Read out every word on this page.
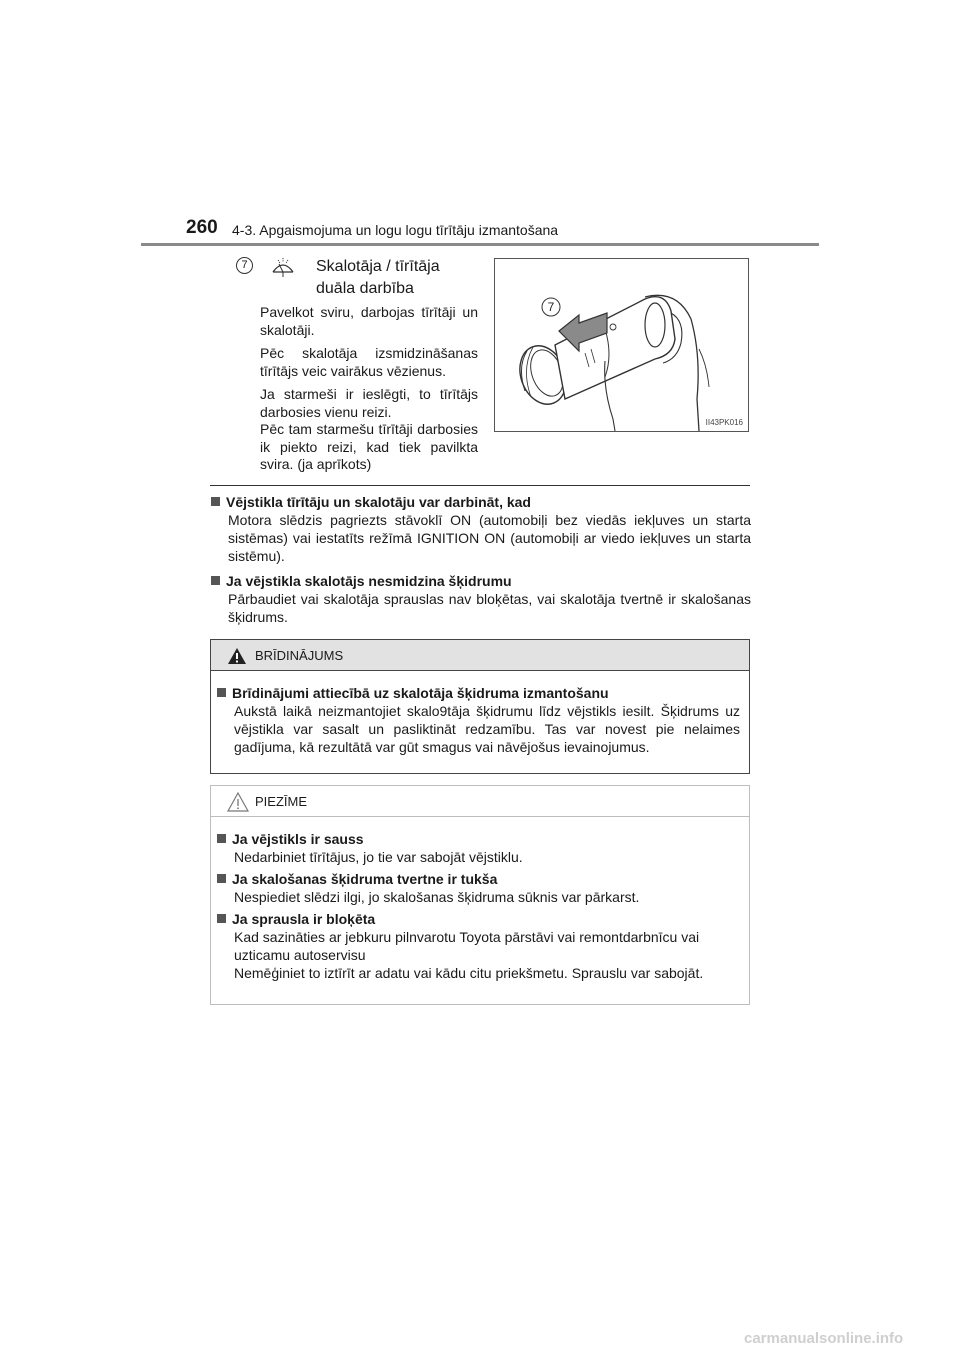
260 4-3. Apgaismojuma un logu logu tīrītāju izmantošana
7	Skalotāja / tīrītāja duāla darbība

Pavelkot sviru, darbojas tīrītāji un skalotāji.

Pēc skalotāja izsmidzināšanas tīrītājs veic vairākus vēzienus.

Ja starmeši ir ieslēgti, to tīrītājs darbosies vienu reizi.

Pēc tam starmešu tīrītāji darbosies ik piekto reizi, kad tiek pavilkta svira. (ja aprīkots)

7
II43PK016
Vējstikla tīrītāju un skalotāju var darbināt, kad
Motora slēdzis pagriezts stāvoklī ON (automobiļi bez viedās iekļuves un starta sistēmas) vai iestatīts režīmā IGNITION ON (automobiļi ar viedo iekļuves un starta sistēmu).
Ja vējstikla skalotājs nesmidzina šķidrumu
Pārbaudiet vai skalotāja sprauslas nav bloķētas, vai skalotāja tvertnē ir skalošanas šķidrums.
BRĪDINĀJUMS
Brīdinājumi attiecībā uz skalotāja šķidruma izmantošanu
Aukstā laikā neizmantojiet skalo9tāja šķidrumu līdz vējstikls iesilt. Šķidrums uz vējstikla var sasalt un pasliktināt redzamību. Tas var novest pie nelaimes gadījuma, kā rezultātā var gūt smagus vai nāvējošus ievainojumus.
PIEZĪME
Ja vējstikls ir sauss
Nedarbiniet tīrītājus, jo tie var sabojāt vējstiklu.
Ja skalošanas šķidruma tvertne ir tukša
Nespiediet slēdzi ilgi, jo skalošanas šķidruma sūknis var pārkarst.
Ja sprausla ir bloķēta
Kad sazināties ar jebkuru pilnvarotu Toyota pārstāvi vai remontdarbnīcu vai uzticamu autoservisu
Nemēģiniet to iztīrīt ar adatu vai kādu citu priekšmetu. Sprauslu var sabojāt.
carmanualsonline.info
